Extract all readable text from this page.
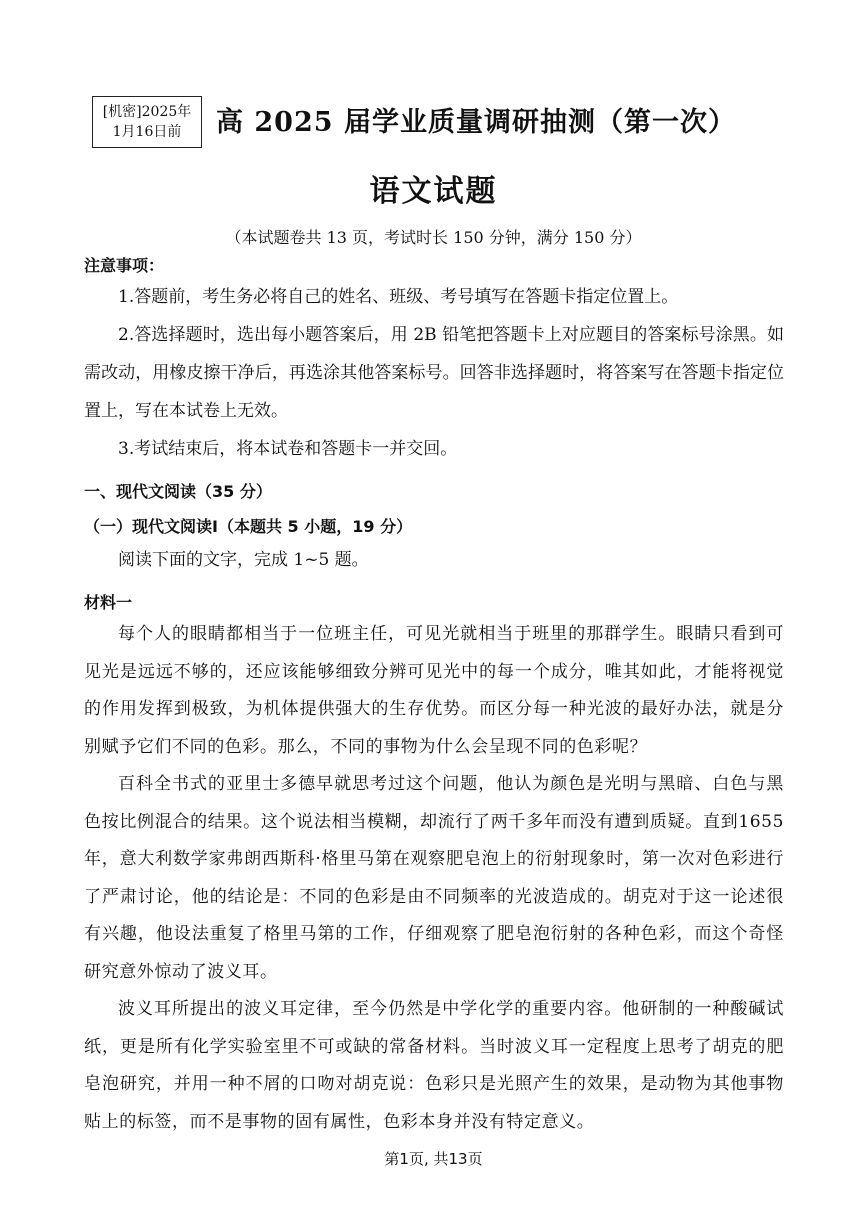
[机密]2025年
1月16日前	高 2025 届学业质量调研抽测（第一次）
语文试题
（本试题卷共 13 页，考试时长 150 分钟，满分 150 分）
注意事项：
1.答题前，考生务必将自己的姓名、班级、考号填写在答题卡指定位置上。
2.答选择题时，选出每小题答案后，用 2B 铅笔把答题卡上对应题目的答案标号涂黑。如需改动，用橡皮擦干净后，再选涂其他答案标号。回答非选择题时，将答案写在答题卡指定位置上，写在本试卷上无效。
3.考试结束后，将本试卷和答题卡一并交回。
一、现代文阅读（35 分）
（一）现代文阅读Ⅰ（本题共 5 小题，19 分）
阅读下面的文字，完成 1~5 题。
材料一
每个人的眼睛都相当于一位班主任，可见光就相当于班里的那群学生。眼睛只看到可见光是远远不够的，还应该能够细致分辨可见光中的每一个成分，唯其如此，才能将视觉的作用发挥到极致，为机体提供强大的生存优势。而区分每一种光波的最好办法，就是分别赋予它们不同的色彩。那么，不同的事物为什么会呈现不同的色彩呢？
百科全书式的亚里士多德早就思考过这个问题，他认为颜色是光明与黑暗、白色与黑色按比例混合的结果。这个说法相当模糊，却流行了两千多年而没有遭到质疑。直到1655 年，意大利数学家弗朗西斯科·格里马第在观察肥皂泡上的衍射现象时，第一次对色彩进行了严肃讨论，他的结论是：不同的色彩是由不同频率的光波造成的。胡克对于这一论述很有兴趣，他设法重复了格里马第的工作，仔细观察了肥皂泡衍射的各种色彩，而这个奇怪研究意外惊动了波义耳。
波义耳所提出的波义耳定律，至今仍然是中学化学的重要内容。他研制的一种酸碱试纸，更是所有化学实验室里不可或缺的常备材料。当时波义耳一定程度上思考了胡克的肥皂泡研究，并用一种不屑的口吻对胡克说：色彩只是光照产生的效果，是动物为其他事物贴上的标签，而不是事物的固有属性，色彩本身并没有特定意义。
第1页, 共13页
